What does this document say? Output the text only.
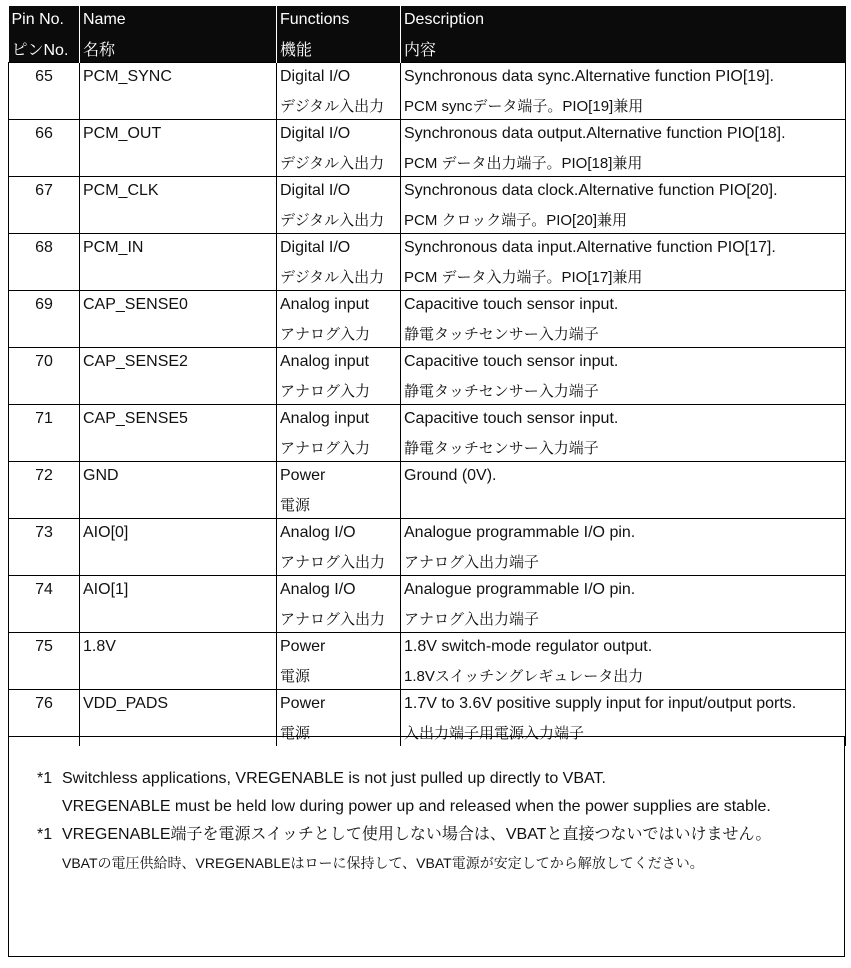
Pin No.	Name	Functions	Description
ピンNo.	名称	機能	内容
65	PCM_SYNC	Digital I/O	Synchronous data sync.Alternative function PIO[19].
		デジタル入出力	PCM syncデータ端子。PIO[19]兼用
66	PCM_OUT	Digital I/O	Synchronous data output.Alternative function PIO[18].
		デジタル入出力	PCM データ出力端子。PIO[18]兼用
67	PCM_CLK	Digital I/O	Synchronous data clock.Alternative function PIO[20].
		デジタル入出力	PCM クロック端子。PIO[20]兼用
68	PCM_IN	Digital I/O	Synchronous data input.Alternative function PIO[17].
		デジタル入出力	PCM データ入力端子。PIO[17]兼用
69	CAP_SENSE0	Analog input	Capacitive touch sensor input.
		アナログ入力	静電タッチセンサー入力端子
70	CAP_SENSE2	Analog input	Capacitive touch sensor input.
		アナログ入力	静電タッチセンサー入力端子
71	CAP_SENSE5	Analog input	Capacitive touch sensor input.
		アナログ入力	静電タッチセンサー入力端子
72	GND	Power	Ground (0V).
		電源	
73	AIO[0]	Analog I/O	Analogue programmable I/O pin.
		アナログ入出力	アナログ入出力端子
74	AIO[1]	Analog I/O	Analogue programmable I/O pin.
		アナログ入出力	アナログ入出力端子
75	1.8V	Power	1.8V switch-mode regulator output.
		電源	1.8Vスイッチングレギュレータ出力
76	VDD_PADS	Power	1.7V to 3.6V positive supply input for input/output ports.
		電源	入出力端子用電源入力端子
*1 Switchless applications, VREGENABLE is not just pulled up directly to VBAT.
VREGENABLE must be held low during power up and released when the power supplies are stable.
*1 VREGENABLE端子を電源スイッチとして使用しない場合は、VBATと直接つないではいけません。
VBATの電圧供給時、VREGENABLEはローに保持して、VBAT電源が安定してから解放してください。
